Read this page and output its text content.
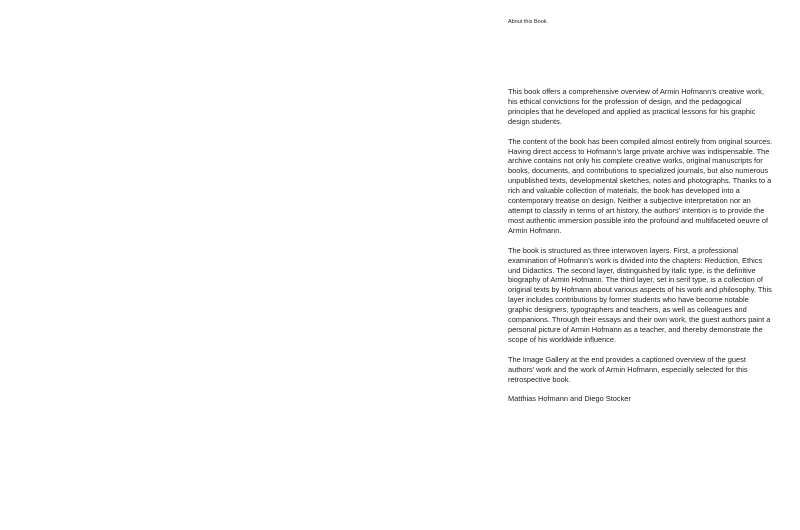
About this Book.

This book offers a comprehensive overview of Armin Hofmann’s creative work, his ethical convictions for the profession of design, and the pedagogical principles that he developed and applied as practical lessons for his graphic design students.

The content of the book has been compiled almost entirely from original sources. Having direct access to Hofmann’s large private archive was indispensable. The archive contains not only his complete creative works, original manuscripts for books, documents, and contributions to specialized journals, but also numerous unpublished texts, developmental sketches, notes and photographs. Thanks to a rich and valuable collection of materials, the book has developed into a contemporary treatise on design. Neither a subjective interpretation nor an attempt to classify in terms of art history, the authors’ intention is to provide the most authentic immersion possible into the profound and multifaceted oeuvre of Armin Hofmann.

The book is structured as three interwoven layers. First, a professional examination of Hofmann’s work is divided into the chapters: Reduction, Ethics und Didactics. The second layer, distinguished by italic type, is the definitive biography of Armin Hofmann. The third layer, set in serif type, is a collection of original texts by Hofmann about various aspects of his work and philosophy. This layer includes contributions by former students who have become notable graphic designers, typographers and teachers, as well as colleagues and companions. Through their essays and their own work, the guest authors paint a personal picture of Armin Hofmann as a teacher, and thereby demonstrate the scope of his worldwide influence.

The Image Gallery at the end provides a captioned overview of the guest authors’ work and the work of Armin Hofmann, especially selected for this retrospective book.

Matthias Hofmann and Diego Stocker
